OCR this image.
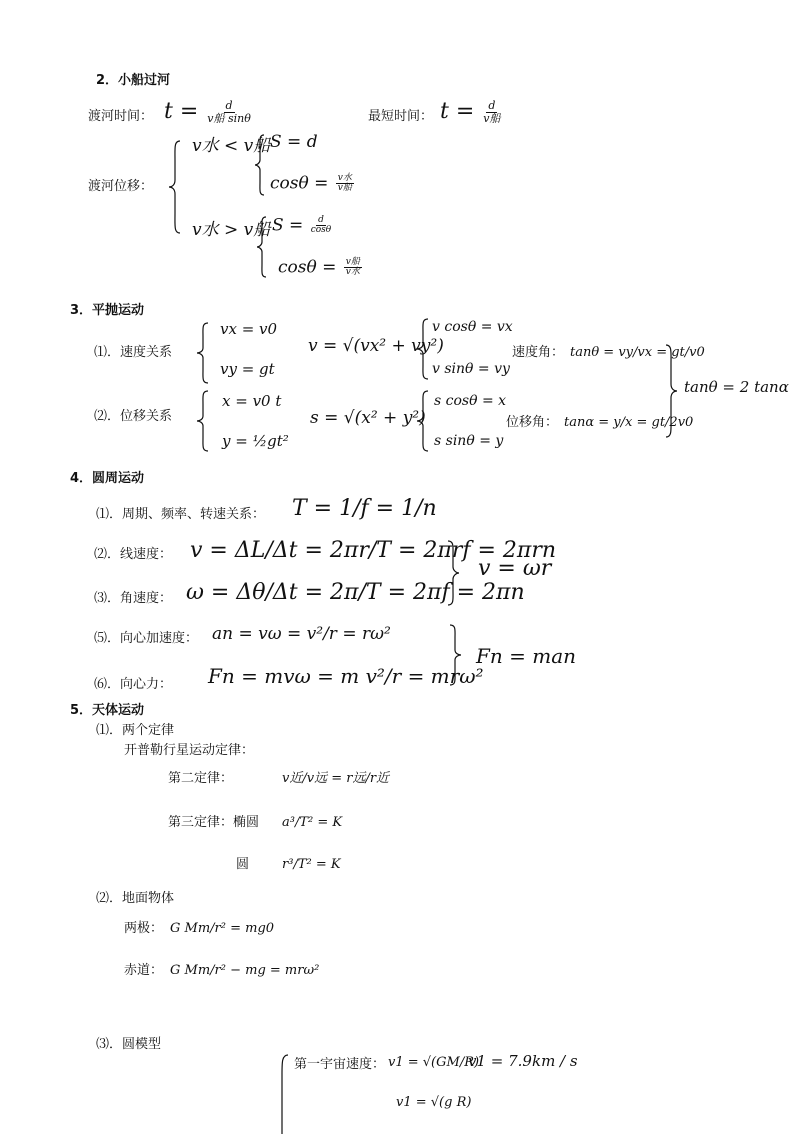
2．小船过河
渡河时间： $t = \frac{d}{\text{v船 sinθ}}$	最短时间： $t = \frac{d}{\text{v船}}$
渡河位移：
v水 < v船 S = d
$\cos\theta = \frac{\text{v水}}{\text{v船}}$
v水 > v船 $S = \frac{d}{\cos\theta}$
$\cos\theta = \frac{\text{v船}}{\text{v水}}$
3．平抛运动
⑴．速度关系
vx = v0
vy = gt
v = √(vx² + vy²)
v cosθ = vx
v sinθ = vy
速度角： tanθ = vy/vx = gt/v0
⑵．位移关系
x = v0 t
y = ½gt²
s = √(x² + y²)
s cosθ = x
s sinθ = y
位移角： tanα = y/x = gt/2v0
tanθ = 2 tanα
4．圆周运动
⑴．周期、频率、转速关系： T = 1/f = 1/n
⑵．线速度： v = ΔL/Δt = 2πr/T = 2πrf = 2πrn
⑶．角速度： ω = Δθ/Δt = 2π/T = 2πf = 2πn
v = ωr
⑸．向心加速度： an = vω = v²/r = rω²
⑹．向心力： Fn = mvω = m v²/r = mrω²
Fn = man
5．天体运动
⑴．两个定律
开普勒行星运动定律：
第二定律：	v近/v远 = r远/r近
第三定律：椭圆 a³/T² = K
圆	r³/T² = K
⑵．地面物体
两极： G Mm/r² = mg0
赤道： G Mm/r² − mg = mrω²
⑶．圆模型
第一宇宙速度： v1 = √(GM/R)
v1 = 7.9km / s
v1 = √(g R)
